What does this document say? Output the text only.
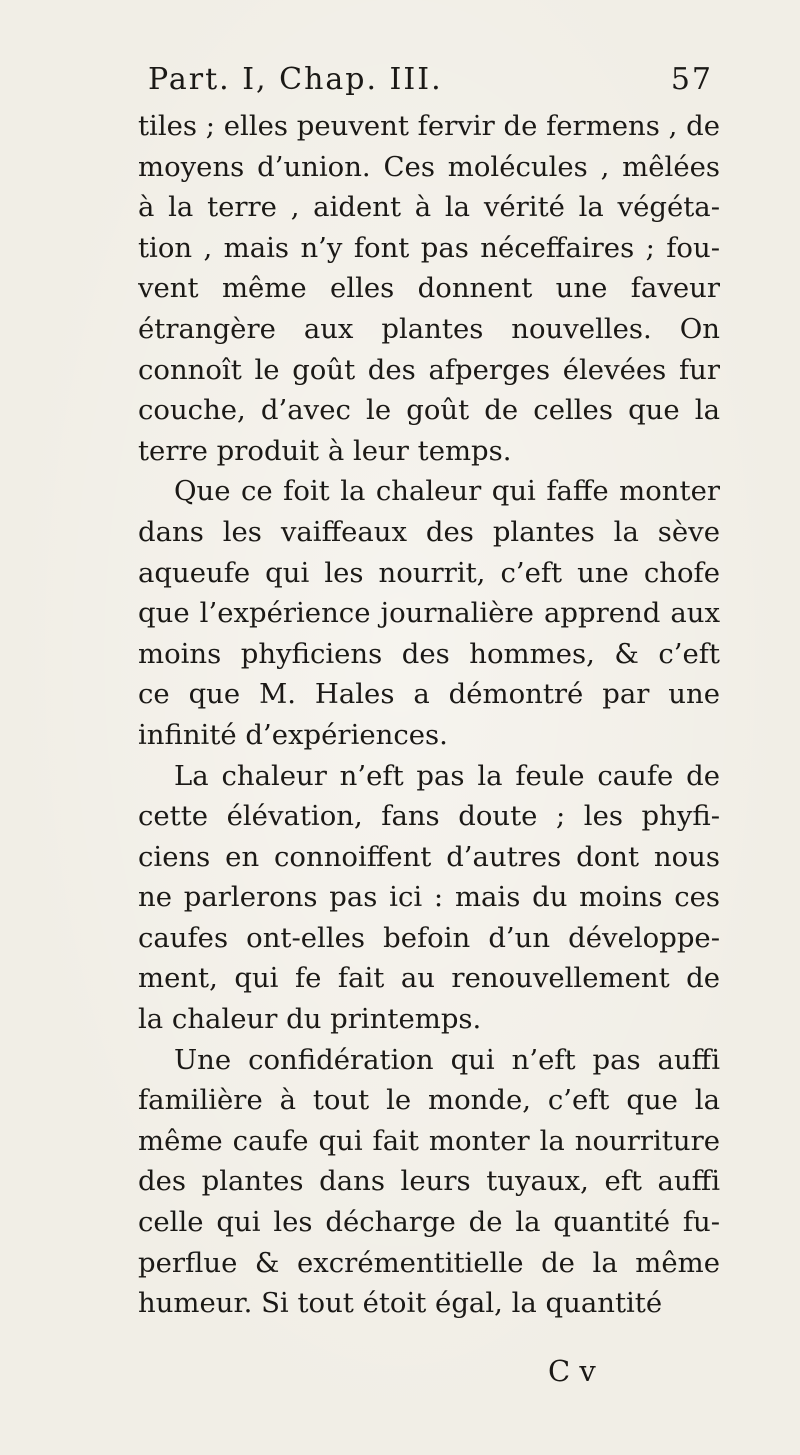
Part. I, Chap. III.	57
tiles ; elles peuvent fervir de fermens , de
moyens d’union. Ces molécules , mêlées
à la terre , aident à la vérité la végéta-
tion , mais n’y font pas néceffaires ; fou-
vent même elles donnent une faveur
étrangère aux plantes nouvelles. On
connoît le goût des afperges élevées fur
couche, d’avec le goût de celles que la
terre produit à leur temps.
Que ce foit la chaleur qui faffe monter
dans les vaiffeaux des plantes la sève
aqueufe qui les nourrit, c’eft une chofe
que l’expérience journalière apprend aux
moins phyficiens des hommes, & c’eft
ce que M. Hales a démontré par une
infinité d’expériences.
La chaleur n’eft pas la feule caufe de
cette élévation, fans doute ; les phyfi-
ciens en connoiffent d’autres dont nous
ne parlerons pas ici : mais du moins ces
caufes ont-elles befoin d’un développe-
ment, qui fe fait au renouvellement de
la chaleur du printemps.
Une confidération qui n’eft pas auffi
familière à tout le monde, c’eft que la
même caufe qui fait monter la nourriture
des plantes dans leurs tuyaux, eft auffi
celle qui les décharge de la quantité fu-
perflue & excrémentitielle de la même
humeur. Si tout étoit égal, la quantité
C v
